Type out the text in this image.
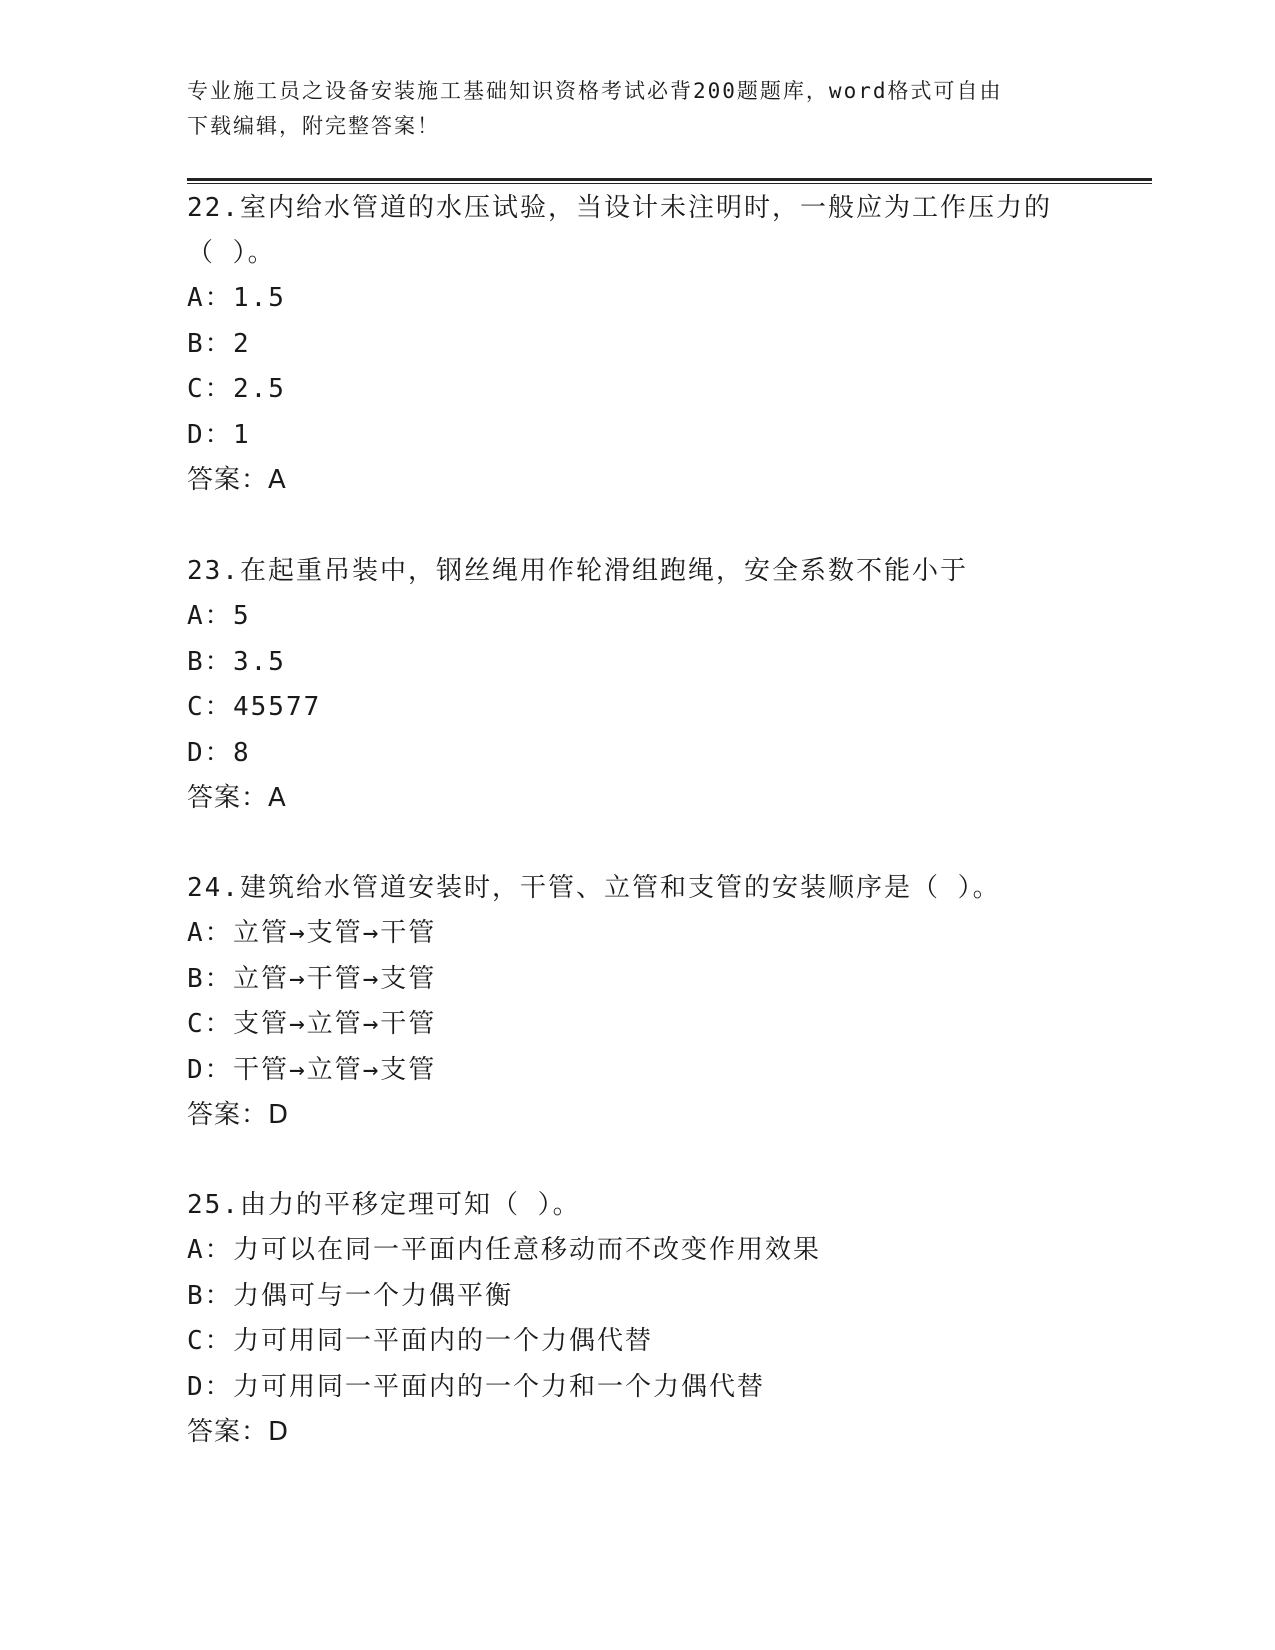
专业施工员之设备安装施工基础知识资格考试必背200题题库，word格式可自由
下载编辑，附完整答案！
22.室内给水管道的水压试验，当设计未注明时，一般应为工作压力的
（ ）。
A：1.5
B：2
C：2.5
D：1
答案：A
23.在起重吊装中，钢丝绳用作轮滑组跑绳，安全系数不能小于
A：5
B：3.5
C：45577
D：8
答案：A
24.建筑给水管道安装时，干管、立管和支管的安装顺序是（ ）。
A：立管→支管→干管
B：立管→干管→支管
C：支管→立管→干管
D：干管→立管→支管
答案：D
25.由力的平移定理可知（ ）。
A：力可以在同一平面内任意移动而不改变作用效果
B：力偶可与一个力偶平衡
C：力可用同一平面内的一个力偶代替
D：力可用同一平面内的一个力和一个力偶代替
答案：D
